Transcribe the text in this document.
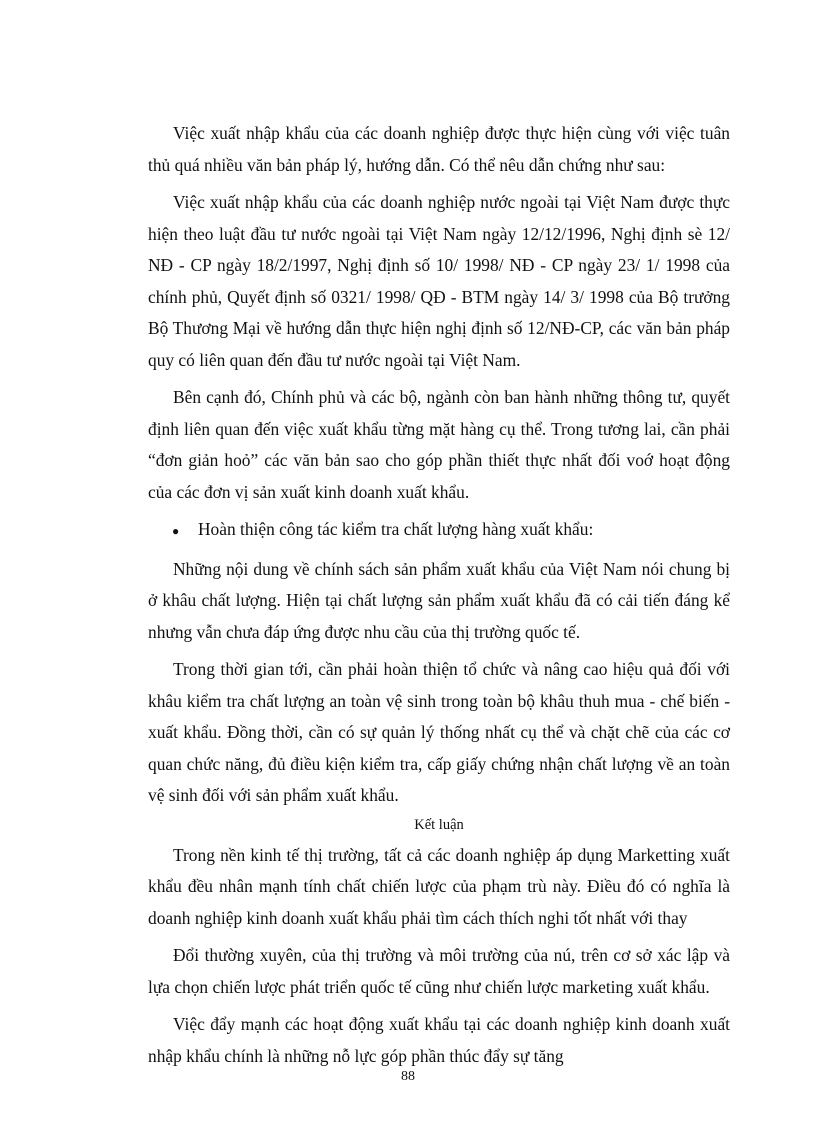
Việc xuất nhập khẩu của các doanh nghiệp được thực hiện cùng với việc tuân thủ quá nhiều văn bản pháp lý, hướng dẫn. Có thể nêu dẫn chứng như sau:

Việc xuất nhập khẩu của các doanh nghiệp nước ngoài tại Việt Nam được thực hiện theo luật đầu tư nước ngoài tại Việt Nam ngày 12/12/1996, Nghị định sè 12/ NĐ - CP ngày 18/2/1997, Nghị định số 10/ 1998/ NĐ - CP ngày 23/ 1/ 1998 của chính phủ, Quyết định số 0321/ 1998/ QĐ - BTM ngày 14/ 3/ 1998 của Bộ trưởng Bộ Thương Mại về hướng dẫn thực hiện nghị định số 12/NĐ-CP, các văn bản pháp quy có liên quan đến đầu tư nước ngoài tại Việt Nam.

Bên cạnh đó, Chính phủ và các bộ, ngành còn ban hành những thông tư, quyết định liên quan đến việc xuất khẩu từng mặt hàng cụ thể. Trong tương lai, cần phải “đơn giản hoỏ” các văn bản sao cho góp phần thiết thực nhất đối voớ hoạt động của các đơn vị sản xuất kinh doanh xuất khẩu.

●	Hoàn thiện công tác kiểm tra chất lượng hàng xuất khẩu:

Những nội dung về chính sách sản phẩm xuất khẩu của Việt Nam nói chung bị ở khâu chất lượng. Hiện tại chất lượng sản phẩm xuất khẩu đã có cải tiến đáng kể nhưng vẫn chưa đáp ứng được nhu cầu của thị trường quốc tế.

Trong thời gian tới, cần phải hoàn thiện tổ chức và nâng cao hiệu quả đối với khâu kiểm tra chất lượng an toàn vệ sinh trong toàn bộ khâu thuh mua - chế biến - xuất khẩu. Đồng thời, cần có sự quản lý thống nhất cụ thể và chặt chẽ của các cơ quan chức năng, đủ điều kiện kiểm tra, cấp giấy chứng nhận chất lượng về an toàn vệ sinh đối với sản phẩm xuất khẩu.

Kết luận

Trong nền kinh tế thị trường, tất cả các doanh nghiệp áp dụng Marketting xuất khẩu đều nhân mạnh tính chất chiến lược của phạm trù này. Điều đó có nghĩa là doanh nghiệp kinh doanh xuất khẩu phải tìm cách thích nghi tốt nhất với thay

Đổi thường xuyên, của thị trường và môi trường của nú, trên cơ sở xác lập và lựa chọn chiến lược phát triển quốc tế cũng như chiến lược marketing xuất khẩu.

Việc đẩy mạnh các hoạt động xuất khẩu tại các doanh nghiệp kinh doanh xuất nhập khẩu chính là những nỗ lực góp phần thúc đẩy sự tăng

88
